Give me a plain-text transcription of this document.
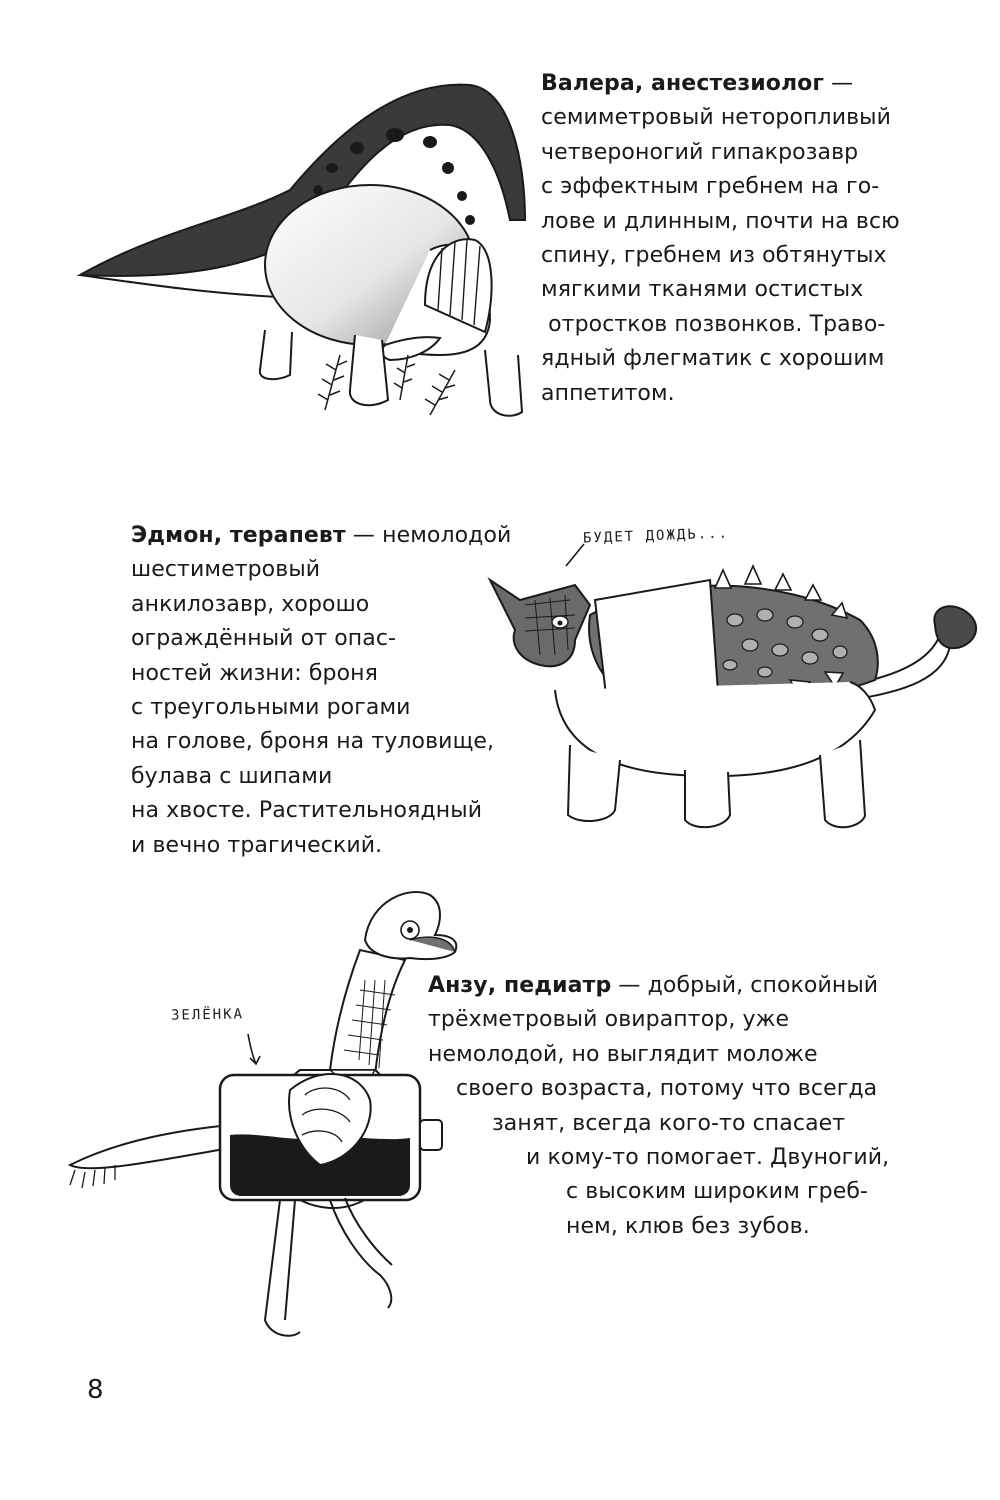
БУДЕТ ДОЖДЬ...
ЗЕЛЁНКА
Валера, анестезиолог —
семиметровый неторопливый
четвероногий гипакрозавр
с эффектным гребнем на го-
лове и длинным, почти на всю
спину, гребнем из обтянутых
мягкими тканями остистых
отростков позвонков. Траво-
ядный флегматик с хорошим
аппетитом.
Эдмон, терапевт — немолодой
шестиметровый
анкилозавр, хорошо
ограждённый от опас-
ностей жизни: броня
с треугольными рогами
на голове, броня на туловище,
булава с шипами
на хвосте. Растительноядный
и вечно трагический.
Анзу, педиатр — добрый, спокойный
трёхметровый овираптор, уже
немолодой, но выглядит моложе
своего возраста, потому что всегда
занят, всегда кого-то спасает
и кому-то помогает. Двуногий,
с высоким широким греб-
нем, клюв без зубов.
8
